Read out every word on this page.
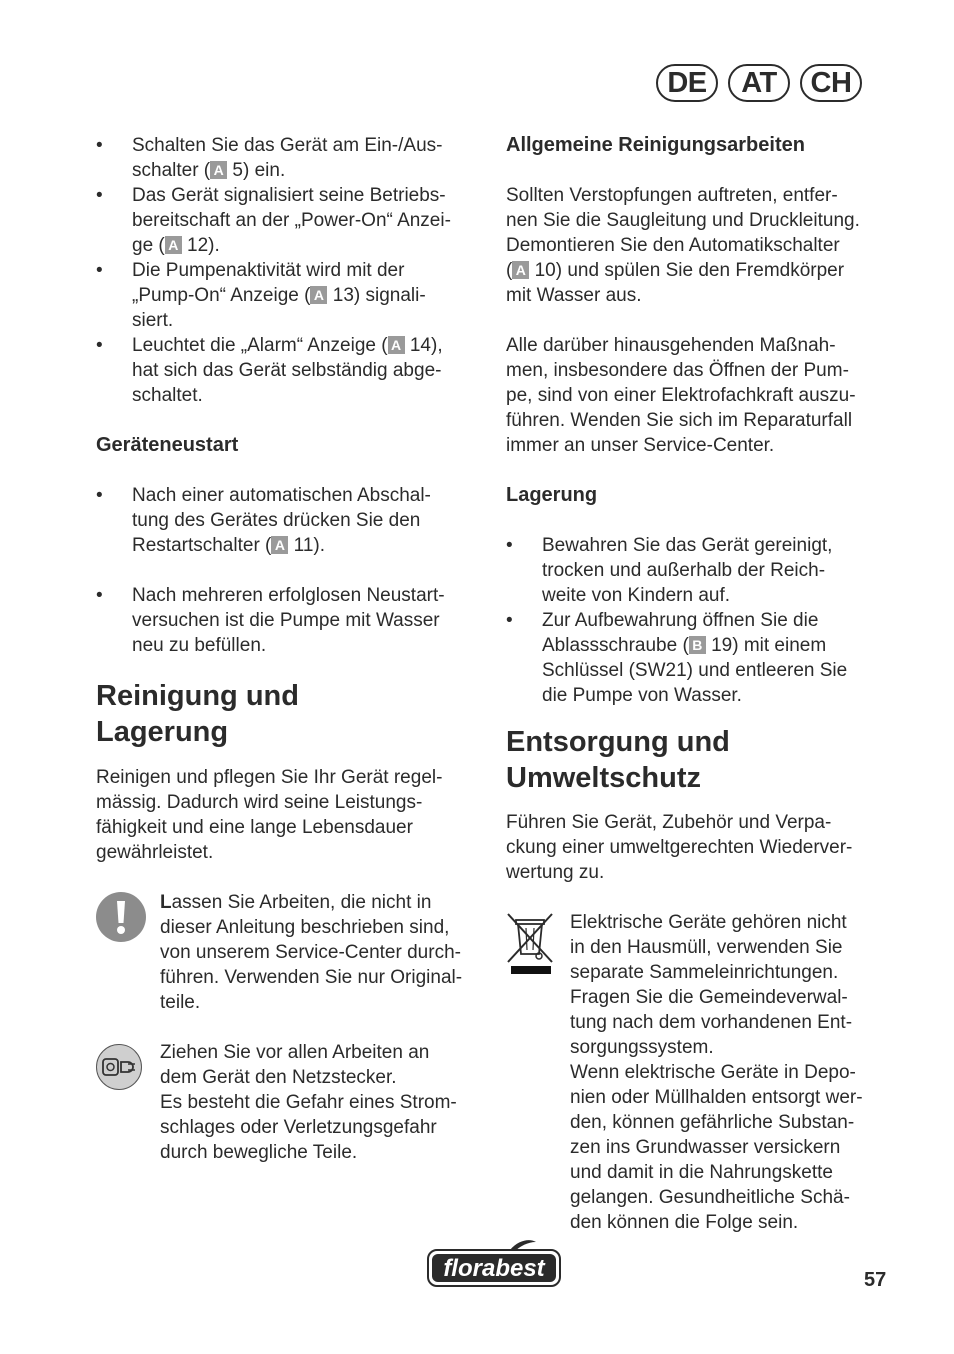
DE	AT	CH
• Schalten Sie das Gerät am Ein-/Aus-
schalter ( A 5) ein.
• Das Gerät signalisiert seine Betriebs-
bereitschaft an der „Power-On“ Anzei-
ge ( A 12).
• Die Pumpenaktivität wird mit der
„Pump-On“ Anzeige ( A 13) signali-
siert.
• Leuchtet die „Alarm“ Anzeige ( A 14),
hat sich das Gerät selbständig abge-
schaltet.
Geräteneustart
• Nach einer automatischen Abschal-
tung des Gerätes drücken Sie den
Restartschalter ( A 11).
• Nach mehreren erfolglosen Neustart-
versuchen ist die Pumpe mit Wasser
neu zu befüllen.
Reinigung und
Lagerung

Reinigen und pflegen Sie Ihr Gerät regel-
mässig. Dadurch wird seine Leistungs-
fähigkeit und eine lange Lebensdauer
gewährleistet.

Lassen Sie Arbeiten, die nicht in
dieser Anleitung beschrieben sind,
von unserem Service-Center durch-
führen. Verwenden Sie nur Original-
teile.

Ziehen Sie vor allen Arbeiten an
dem Gerät den Netzstecker.
Es besteht die Gefahr eines Strom-
schlages oder Verletzungsgefahr
durch bewegliche Teile.

Allgemeine Reinigungsarbeiten

Sollten Verstopfungen auftreten, entfer-
nen Sie die Saugleitung und Druckleitung.
Demontieren Sie den Automatikschalter
( A 10) und spülen Sie den Fremdkörper
mit Wasser aus.

Alle darüber hinausgehenden Maßnah-
men, insbesondere das Öffnen der Pum-
pe, sind von einer Elektrofachkraft auszu-
führen. Wenden Sie sich im Reparaturfall
immer an unser Service-Center.

Lagerung
• Bewahren Sie das Gerät gereinigt,
trocken und außerhalb der Reich-
weite von Kindern auf.
• Zur Aufbewahrung öffnen Sie die
Ablassschraube ( B 19) mit einem
Schlüssel (SW21) und entleeren Sie
die Pumpe von Wasser.
Entsorgung und
Umweltschutz

Führen Sie Gerät, Zubehör und Verpa-
ckung einer umweltgerechten Wiederver-
wertung zu.

Elektrische Geräte gehören nicht
in den Hausmüll, verwenden Sie
separate Sammeleinrichtungen.
Fragen Sie die Gemeindeverwal-
tung nach dem vorhandenen Ent-
sorgungssystem.
Wenn elektrische Geräte in Depo-
nien oder Müllhalden entsorgt wer-
den, können gefährliche Substan-
zen ins Grundwasser versickern
und damit in die Nahrungskette
gelangen. Gesundheitliche Schä-
den können die Folge sein.

florabest	57
